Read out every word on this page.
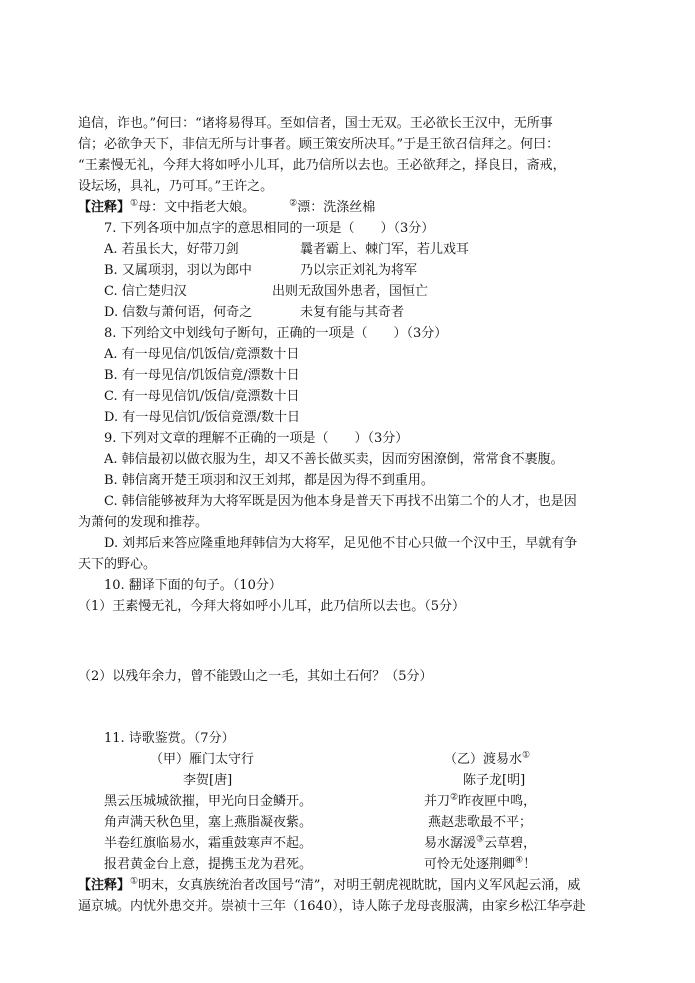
追信，诈也。”何曰：“诸将易得耳。至如信者，国士无双。王必欲长王汉中，无所事
信；必欲争天下，非信无所与计事者。顾王策安所决耳。”于是王欲召信拜之。何曰：
“王素慢无礼，今拜大将如呼小儿耳，此乃信所以去也。王必欲拜之，择良日，斋戒，
设坛场，具礼，乃可耳。”王许之。
【注释】①母：文中指老大娘。	②漂：洗涤丝棉
7. 下列各项中加点字的意思相同的一项是（　　）（3分）
A. 若虽长大，好带刀剑	曩者霸上、棘门军，若儿戏耳
B. 又属项羽，羽以为郎中	乃以宗正刘礼为将军
C. 信亡楚归汉	出则无敌国外患者，国恒亡
D. 信数与萧何语，何奇之	未复有能与其奇者
8. 下列给文中划线句子断句，正确的一项是（　　）（3分）
A. 有一母见信/饥饭信/竟漂数十日
B. 有一母见信/饥饭信竟/漂数十日
C. 有一母见信饥/饭信/竟漂数十日
D. 有一母见信饥/饭信竟漂/数十日
9. 下列对文章的理解不正确的一项是（　　）（3分）
A. 韩信最初以做衣服为生，却又不善长做买卖，因而穷困潦倒，常常食不裹腹。
B. 韩信离开楚王项羽和汉王刘邦，都是因为得不到重用。
C. 韩信能够被拜为大将军既是因为他本身是普天下再找不出第二个的人才，也是因
为萧何的发现和推荐。
D. 刘邦后来答应隆重地拜韩信为大将军，足见他不甘心只做一个汉中王，早就有争
天下的野心。
10. 翻译下面的句子。（10分）
（1）王素慢无礼，今拜大将如呼小儿耳，此乃信所以去也。（5分）
（2）以残年余力，曾不能毁山之一毛，其如土石何？（5分）
11. 诗歌鉴赏。（7分）
（甲）雁门太守行
李贺[唐]
黑云压城城欲摧，甲光向日金鳞开。
角声满天秋色里，塞上燕脂凝夜紫。
半卷红旗临易水，霜重鼓寒声不起。
报君黄金台上意，提携玉龙为君死。
（乙）渡易水①
陈子龙[明]
并刀②昨夜匣中鸣，
燕赵悲歌最不平；
易水潺湲③云草碧，
可怜无处逐荆卿④！
【注释】①明末，女真族统治者改国号“清”，对明王朝虎视眈眈，国内义军风起云涌，威
逼京城。内忧外患交并。崇祯十三年（1640），诗人陈子龙母丧服满，由家乡松江华亭赴
